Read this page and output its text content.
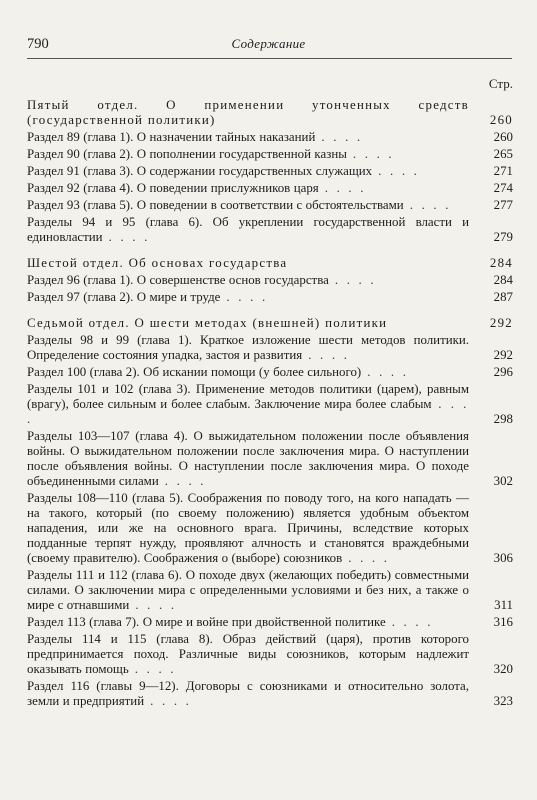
790	Содержание
Стр.
Пятый отдел. О применении утонченных средств (государственной политики)	260
Раздел 89 (глава 1). О назначении тайных наказаний . . . .	260
Раздел 90 (глава 2). О пополнении государственной казны . . . .	265
Раздел 91 (глава 3). О содержании государственных служащих . . . .	271
Раздел 92 (глава 4). О поведении прислужников царя . . . .	274
Раздел 93 (глава 5). О поведении в соответствии с обстоятельствами . . . .	277
Разделы 94 и 95 (глава 6). Об укреплении государственной власти и единовластии . . . .	279
Шестой отдел. Об основах государства	284
Раздел 96 (глава 1). О совершенстве основ государства . . . .	284
Раздел 97 (глава 2). О мире и труде . . . .	287
Седьмой отдел. О шести методах (внешней) политики	292
Разделы 98 и 99 (глава 1). Краткое изложение шести методов политики. Определение состояния упадка, застоя и развития . . . .	292
Раздел 100 (глава 2). Об искании помощи (у более сильного) . . . .	296
Разделы 101 и 102 (глава 3). Применение методов политики (царем), равным (врагу), более сильным и более слабым. Заключение мира более слабым . . . .	298
Разделы 103—107 (глава 4). О выжидательном положении после объявления войны. О выжидательном положении после заключения мира. О наступлении после объявления войны. О наступлении после заключения мира. О походе объединенными силами . . . .	302
Разделы 108—110 (глава 5). Соображения по поводу того, на кого нападать — на такого, который (по своему положению) является удобным объектом нападения, или же на основного врага. Причины, вследствие которых подданные терпят нужду, проявляют алчность и становятся враждебными (своему правителю). Соображения о (выборе) союзников . . . .	306
Разделы 111 и 112 (глава 6). О походе двух (желающих победить) совместными силами. О заключении мира с определенными условиями и без них, а также о мире с отнавшими . . . .	311
Раздел 113 (глава 7). О мире и войне при двойственной политике . . . .	316
Разделы 114 и 115 (глава 8). Образ действий (царя), против которого предпринимается поход. Различные виды союзников, которым надлежит оказывать помощь . . . .	320
Раздел 116 (главы 9—12). Договоры с союзниками и относительно золота, земли и предприятий . . . .	323
